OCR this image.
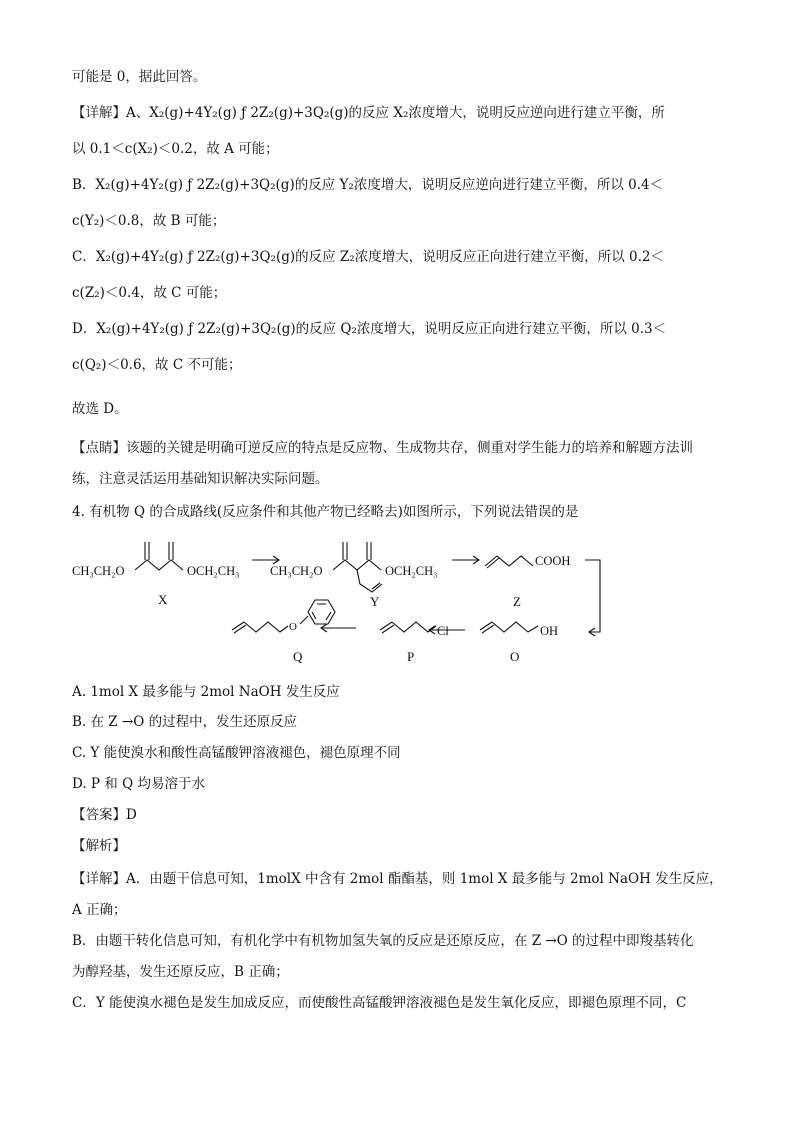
可能是 0，据此回答。
【详解】A、X₂(g)+4Y₂(g) ƒ 2Z₂(g)+3Q₂(g)的反应 X₂浓度增大，说明反应逆向进行建立平衡，所
以 0.1＜c(X₂)＜0.2，故 A 可能；
B．X₂(g)+4Y₂(g) ƒ 2Z₂(g)+3Q₂(g)的反应 Y₂浓度增大，说明反应逆向进行建立平衡，所以 0.4＜
c(Y₂)＜0.8，故 B 可能；
C．X₂(g)+4Y₂(g) ƒ 2Z₂(g)+3Q₂(g)的反应 Z₂浓度增大，说明反应正向进行建立平衡，所以 0.2＜
c(Z₂)＜0.4，故 C 可能；
D．X₂(g)+4Y₂(g) ƒ 2Z₂(g)+3Q₂(g)的反应 Q₂浓度增大，说明反应正向进行建立平衡，所以 0.3＜
c(Q₂)＜0.6，故 C 不可能；
故选 D。
【点睛】该题的关键是明确可逆反应的特点是反应物、生成物共存，侧重对学生能力的培养和解题方法训
练，注意灵活运用基础知识解决实际问题。
4. 有机物 Q 的合成路线(反应条件和其他产物已经略去)如图所示，下列说法错误的是
CH₃CH₂O	OCH₂CH₃
X
CH₃CH₂O	OCH₂CH₃
Y
COOH
Z
OH
O
Cl
P
O
Q
A. 1mol X 最多能与 2mol NaOH 发生反应
B. 在 Z →O 的过程中，发生还原反应
C. Y 能使溴水和酸性高锰酸钾溶液褪色，褪色原理不同
D. P 和 Q 均易溶于水
【答案】D
【解析】
【详解】A．由题干信息可知，1molX 中含有 2mol 酯酯基，则 1mol X 最多能与 2mol NaOH 发生反应，
A 正确；
B．由题干转化信息可知，有机化学中有机物加氢失氧的反应是还原反应，在 Z →O 的过程中即羧基转化
为醇羟基，发生还原反应，B 正确；
C．Y 能使溴水褪色是发生加成反应，而使酸性高锰酸钾溶液褪色是发生氧化反应，即褪色原理不同，C
